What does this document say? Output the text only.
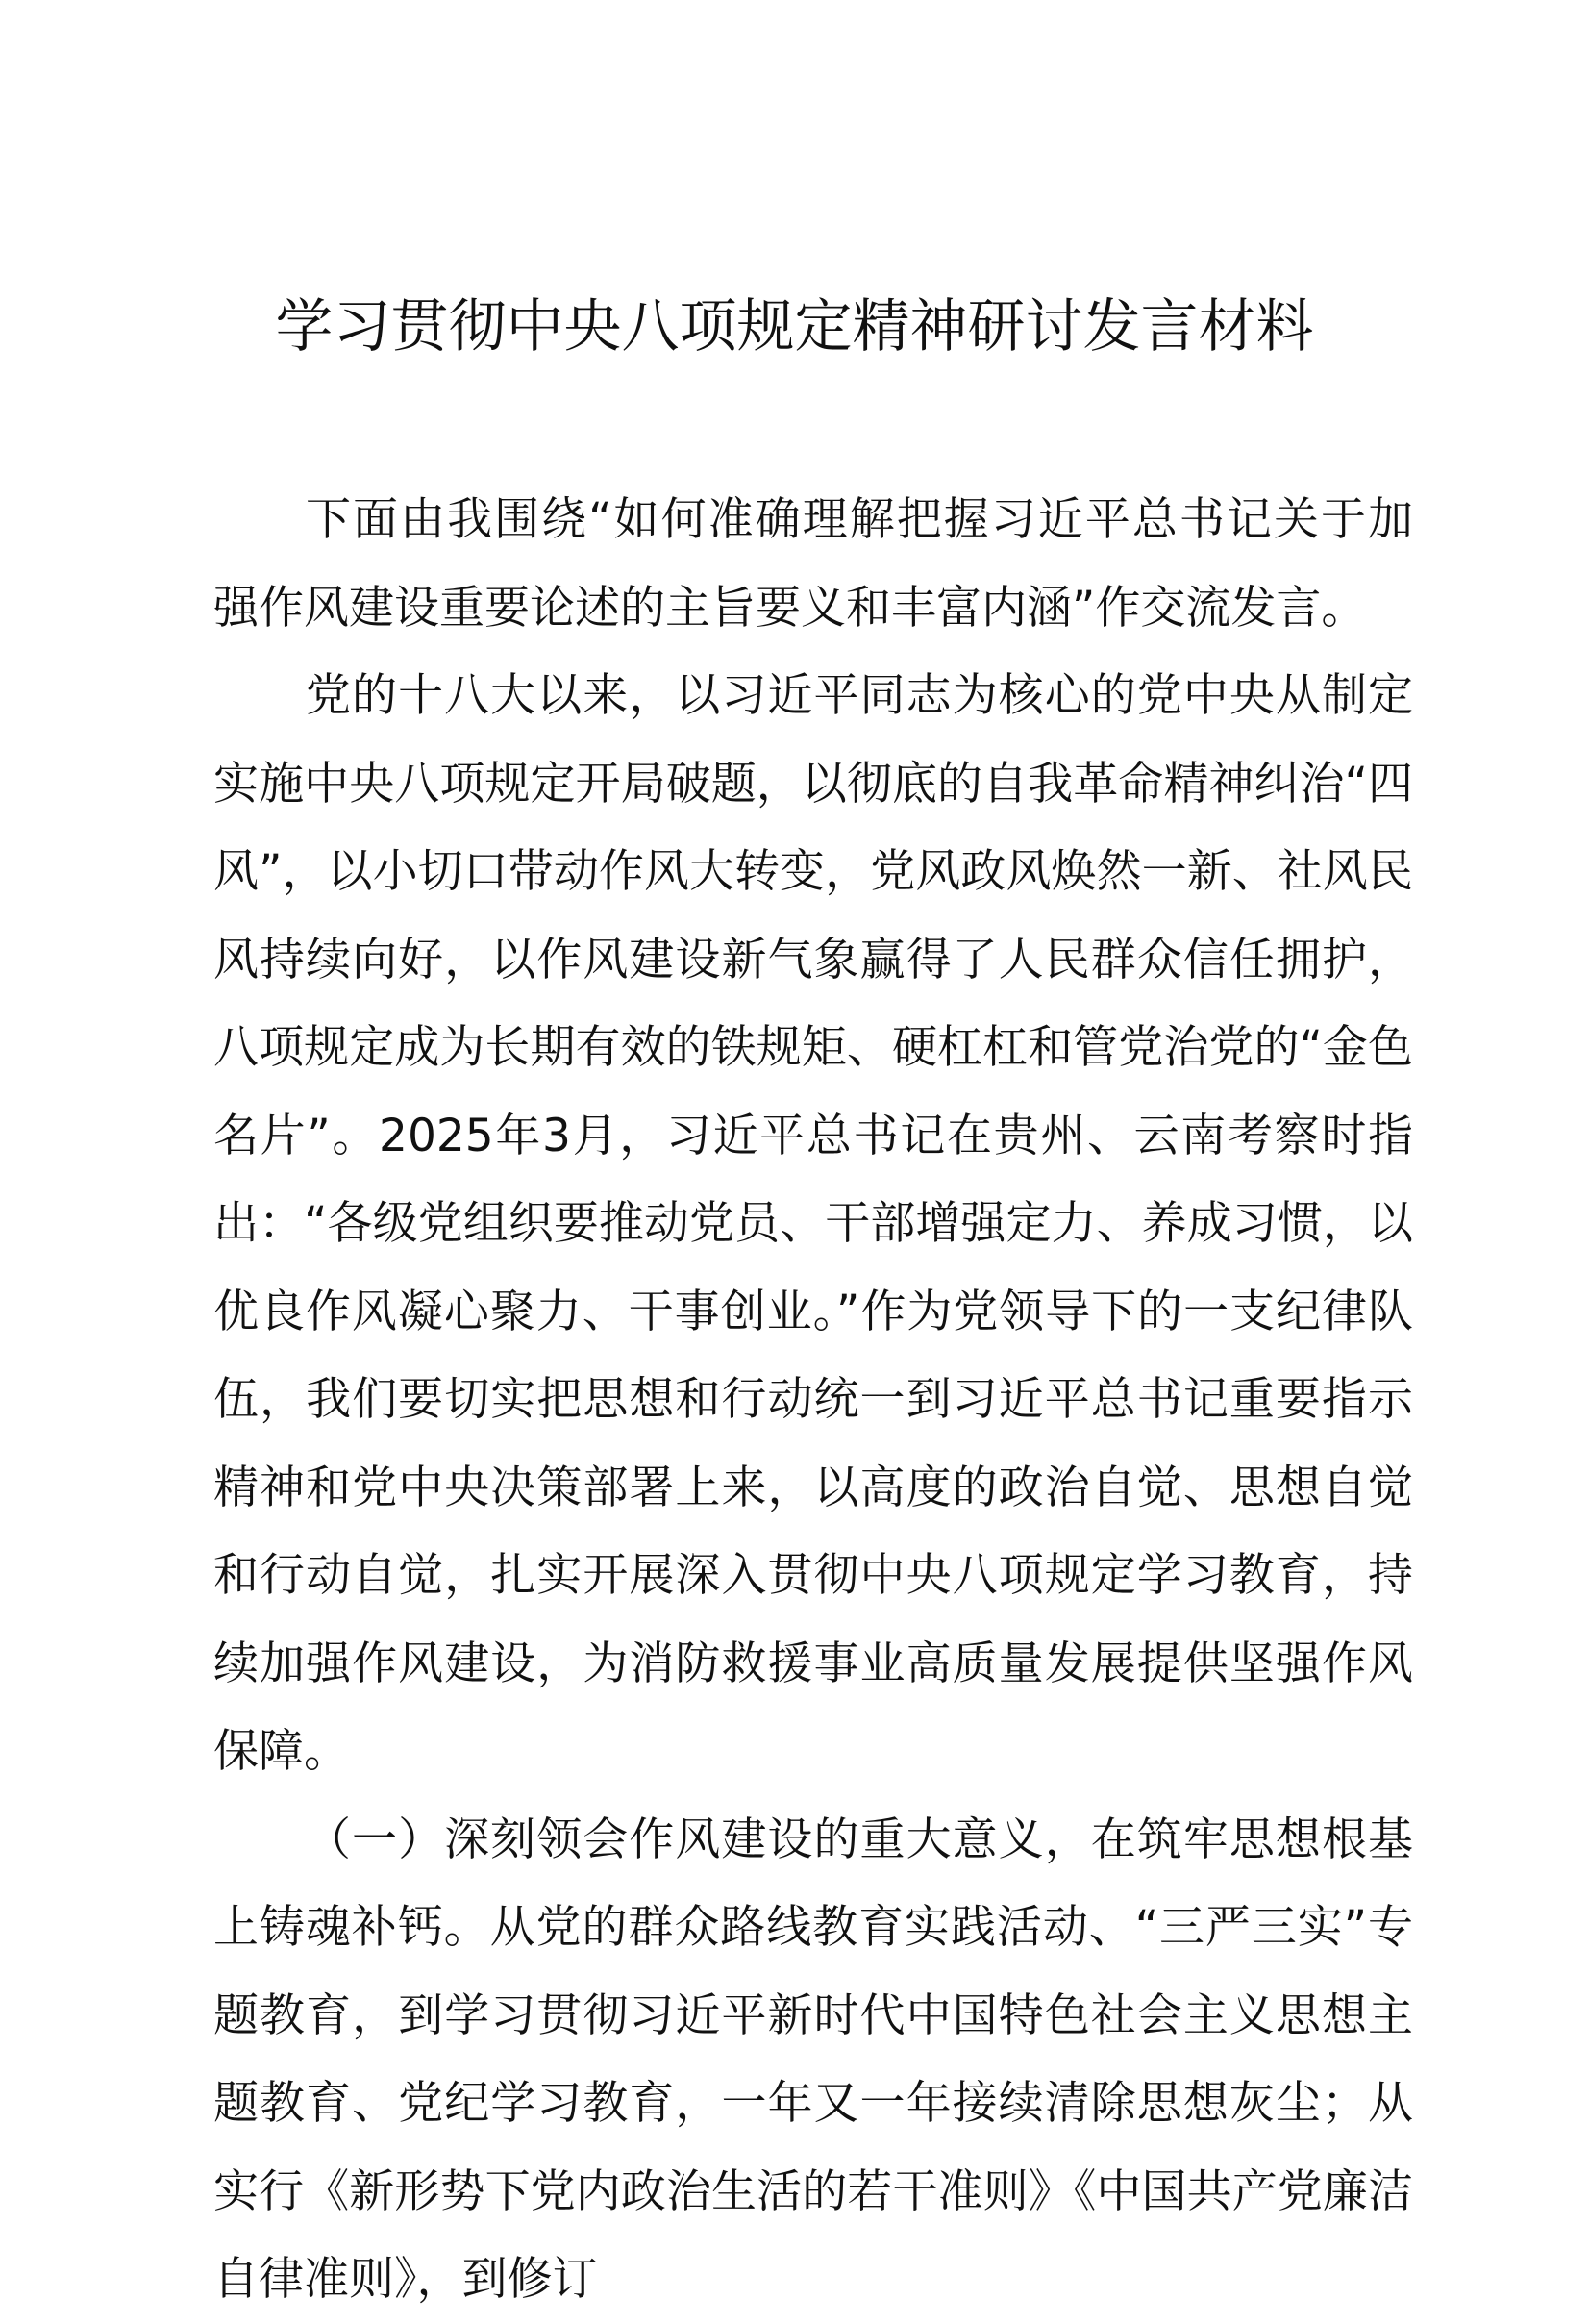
学习贯彻中央八项规定精神研讨发言材料

下面由我围绕“如何准确理解把握习近平总书记关于加强作风建设重要论述的主旨要义和丰富内涵”作交流发言。

党的十八大以来，以习近平同志为核心的党中央从制定实施中央八项规定开局破题，以彻底的自我革命精神纠治“四风”，以小切口带动作风大转变，党风政风焕然一新、社风民风持续向好，以作风建设新气象赢得了人民群众信任拥护，八项规定成为长期有效的铁规矩、硬杠杠和管党治党的“金色名片”。2025年3月，习近平总书记在贵州、云南考察时指出：“各级党组织要推动党员、干部增强定力、养成习惯，以优良作风凝心聚力、干事创业。”作为党领导下的一支纪律队伍，我们要切实把思想和行动统一到习近平总书记重要指示精神和党中央决策部署上来，以高度的政治自觉、思想自觉和行动自觉，扎实开展深入贯彻中央八项规定学习教育，持续加强作风建设，为消防救援事业高质量发展提供坚强作风保障。

（一）深刻领会作风建设的重大意义，在筑牢思想根基上铸魂补钙。从党的群众路线教育实践活动、“三严三实”专题教育，到学习贯彻习近平新时代中国特色社会主义思想主题教育、党纪学习教育，一年又一年接续清除思想灰尘；从实行《新形势下党内政治生活的若干准则》《中国共产党廉洁自律准则》，到修订
